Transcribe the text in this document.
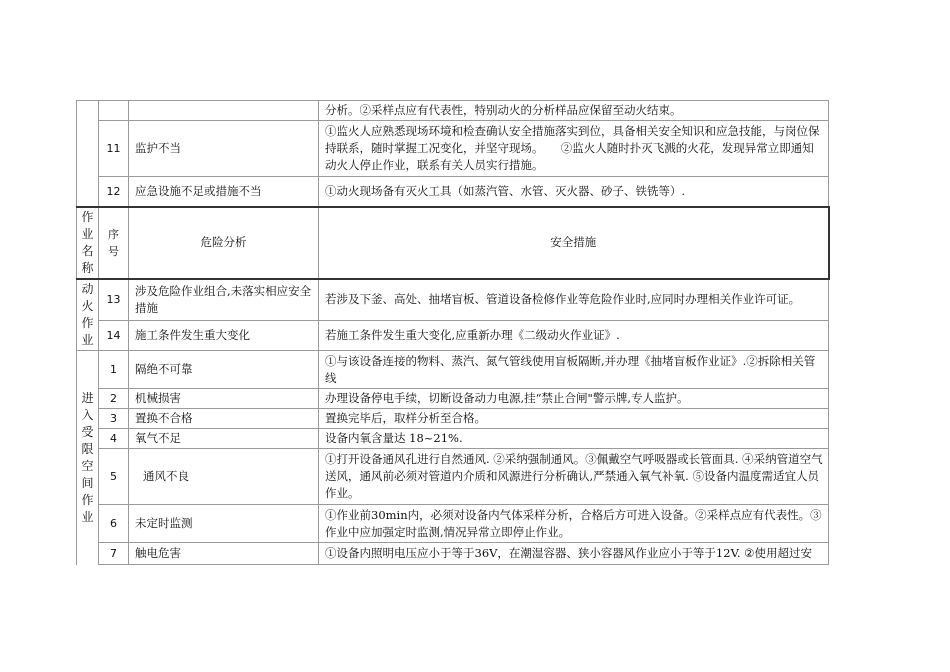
			分析。②采样点应有代表性，特别动火的分析样品应保留至动火结束。
	11	监护不当	①监火人应熟悉现场环境和检查确认安全措施落实到位，具备相关安全知识和应急技能，与岗位保持联系，随时掌握工况变化，并坚守现场。　　②监火人随时扑灭飞溅的火花，发现异常立即通知动火人停止作业，联系有关人员实行措施。
	12	应急设施不足或措施不当	①动火现场备有灭火工具（如蒸汽管、水管、灭火器、砂子、铁铣等）.
作业名称	序号	危险分析	安全措施
动火作业	13	涉及危险作业组合,未落实相应安全措施	若涉及下釜、高处、抽堵盲板、管道设备检修作业等危险作业时,应同时办理相关作业许可证。
	14	施工条件发生重大变化	若施工条件发生重大变化,应重新办理《二级动火作业证》.
进入受限空间作业	1	隔绝不可靠	①与该设备连接的物料、蒸汽、氮气管线使用盲板隔断,并办理《抽堵盲板作业证》.②拆除相关管线
	2	机械损害	办理设备停电手续，切断设备动力电源,挂“禁止合闸"警示牌,专人监护。
	3	置换不合格	置换完毕后，取样分析至合格。
	4	氧气不足	设备内氧含量达 18~21%.
	5	通风不良	①打开设备通风孔进行自然通风. ②采纳强制通风。③佩戴空气呼吸器或长管面具. ④采纳管道空气送风，通风前必须对管道内介质和风源进行分析确认,严禁通入氧气补氧. ⑤设备内温度需适宜人员作业。
	6	未定时监测	①作业前30min内，必须对设备内气体采样分析，合格后方可进入设备。②采样点应有代表性。③作业中应加强定时监测,情况异常立即停止作业。
	7	触电危害	①设备内照明电压应小于等于36V，在潮湿容器、狭小容器风作业应小于等于12V. ②使用超过安
